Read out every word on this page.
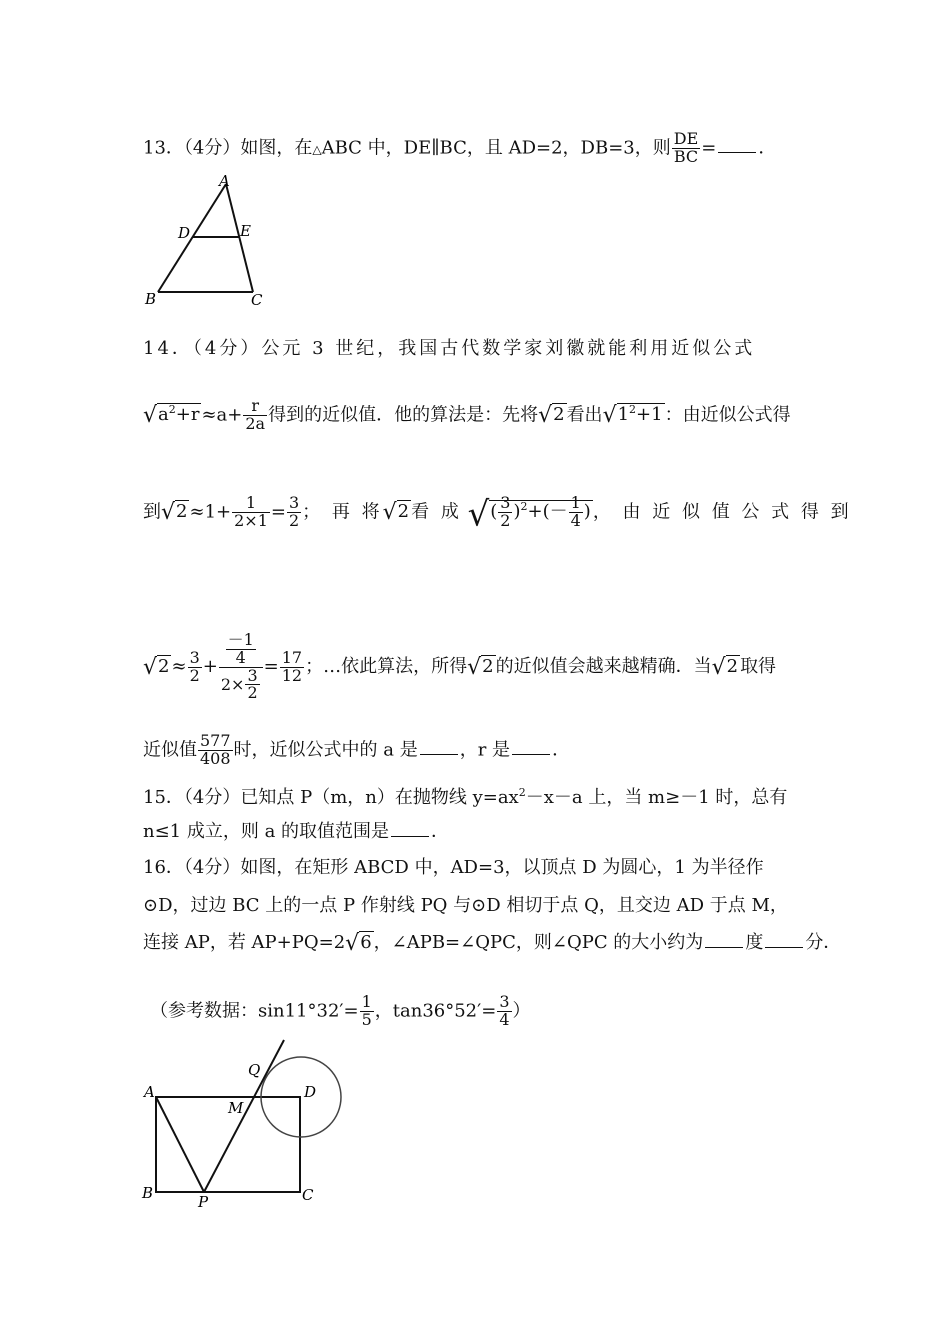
13．（4分）如图，在△ABC 中，DE∥BC，且 AD=2，DB=3，则 $\frac{DE}{BC}$ = ．
A
D	E
B	C
14．（4分）公元 3 世纪，我国古代数学家刘徽就能利用近似公式
$√a^2+r \approx a+ \frac{r}{2a}$ 得到的近似值．他的算法是：先将√2 看出$√1^2+1$ ：由近似公式得
到$√2 \approx 1+ \frac{1}{2\times 1} = \frac{3}{2}$ ； 再 将√2 看 成 √( $\frac{3}{2} )^2+(- \frac{1}{4}$ ) ， 由 近 似 值 公 式 得 到
$√2 \approx \frac{3}{2} + \frac{\frac{-1}{4}}{2\times \frac{3}{2}} = \frac{17}{12}$ ；…依此算法，所得√2 的近似值会越来越精确．当√2 取得
近似值 $\frac{577}{408}$ 时，近似公式中的 a 是 ，r 是 ．
15．（4分）已知点 P（m，n）在抛物线 $y=ax^2-x-a$ 上，当 m≥－1 时，总有
n≤1 成立，则 a 的取值范围是 ．
16．（4分）如图，在矩形 ABCD 中，AD=3，以顶点 D 为圆心，1 为半径作
⊙D，过边 BC 上的一点 P 作射线 PQ 与⊙D 相切于点 Q，且交边 AD 于点 M，
连接 AP，若 AP+PQ=2√6 ，∠APB=∠QPC，则∠QPC 的大小约为 度 分．
（参考数据：$\sin 11^\circ 32'= \frac{1}{5}$ ，$\tan 36^\circ 52'= \frac{3}{4}$ ）
A
Q
D
M
B	P	C
